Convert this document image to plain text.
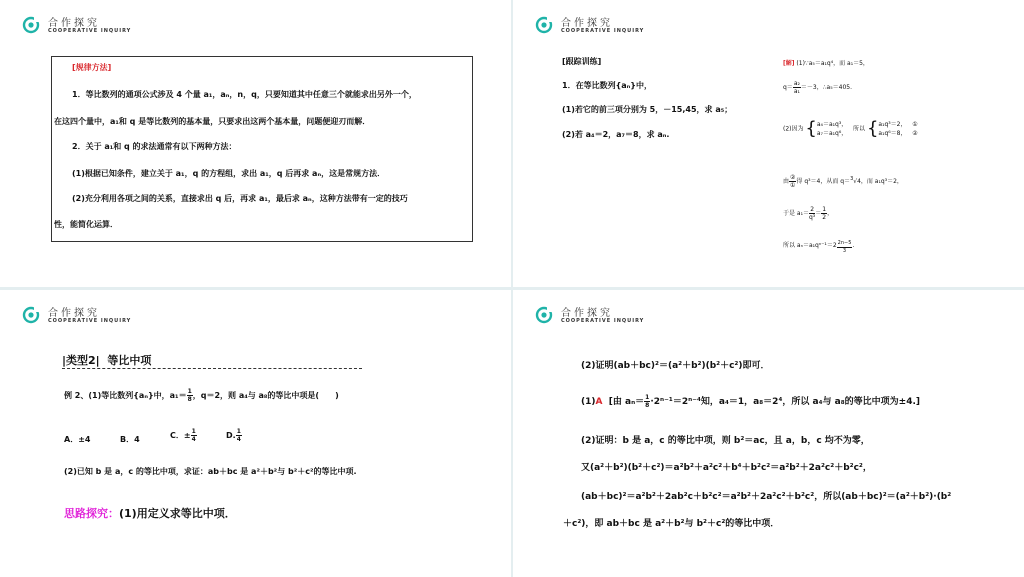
合作探究
COOPERATIVE INQUIRY
[规律方法]
1．等比数列的通项公式涉及 4 个量 a₁，aₙ，n，q，只要知道其中任意三个就能求出另外一个，
在这四个量中，a₁和 q 是等比数列的基本量，只要求出这两个基本量，问题便迎刃而解．
2．关于 a₁和 q 的求法通常有以下两种方法：
(1)根据已知条件，建立关于 a₁，q 的方程组，求出 a₁，q 后再求 aₙ，这是常规方法．
(2)充分利用各项之间的关系，直接求出 q 后，再求 a₁，最后求 aₙ，这种方法带有一定的技巧
性，能简化运算．
合作探究
COOPERATIVE INQUIRY
[跟踪训练]
1．在等比数列{aₙ}中，
(1)若它的前三项分别为 5，－15,45，求 a₅；
(2)若 a₄＝2，a₇＝8，求 aₙ.
[解] (1)∵a₅＝a₁q⁴，而 a₁＝5，
$q= \frac{\text{a₂}}{\text{a₁}} =-3$，∴a₅＝405.
(2)因为 {a₄＝a₁q³，
a₇＝a₁q⁶，   所以 {a₁q³＝2，
a₁q⁶＝8，   ①
②
由 $\frac{\text{②}}{\text{①}}$ 得 q³＝4，从而 q＝$^3$√4，而 a₁q³＝2，
于是 $a_1= \frac{2}{\text{q³}} = \frac{1}{2}$ ，
所以 $a_n=a_1q^{n-1}=2 \frac{2n-5}{3}$ .
合作探究
COOPERATIVE INQUIRY
|类型2| 等比中项
例 2、(1)等比数列{aₙ}中，$a_1= \frac{1}{8}$ ，q＝2，则 a₄与 a₈的等比中项是(　　)
A．±4	B．4	C．± $\frac{1}{4}$	D. $\frac{1}{4}$
(2)已知 b 是 a，c 的等比中项，求证：ab＋bc 是 a²＋b²与 b²＋c²的等比中项.
思路探究：(1)用定义求等比中项．
合作探究
COOPERATIVE INQUIRY
(2)证明(ab＋bc)²＝(a²＋b²)(b²＋c²)即可．
(1)A [由 $a_n= \frac{1}{8} \cdot 2^{n-1}=2^{n-4}$知，a₄＝1，a₈＝2⁴，所以 a₄与 a₈的等比中项为±4.]
(2)证明：b 是 a，c 的等比中项，则 b²＝ac，且 a，b，c 均不为零，
又(a²＋b²)(b²＋c²)＝a²b²＋a²c²＋b⁴＋b²c²＝a²b²＋2a²c²＋b²c²，
(ab＋bc)²＝a²b²＋2ab²c＋b²c²＝a²b²＋2a²c²＋b²c²，所以(ab＋bc)²＝(a²＋b²)·(b²
＋c²)，即 ab＋bc 是 a²＋b²与 b²＋c²的等比中项．
